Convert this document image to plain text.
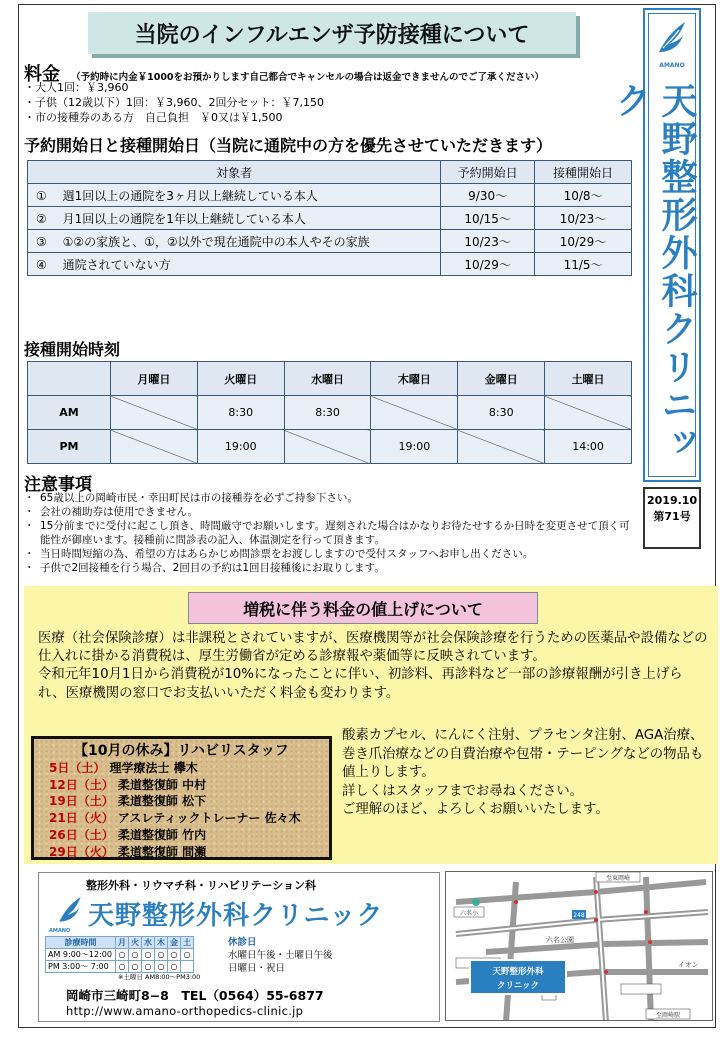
当院のインフルエンザ予防接種について
AMANO
天野整形外科クリニック
2019.10
第71号
料金 （予約時に内金￥1000をお預かりします自己都合でキャンセルの場合は返金できませんのでご了承ください）
・大人1回：￥3,960
・子供（12歳以下）1回：￥3,960、2回分セット：￥7,150
・市の接種券のある方　自己負担　￥0又は￥1,500
予約開始日と接種開始日（当院に通院中の方を優先させていただきます）
対象者	予約開始日	接種開始日
①　 週1回以上の通院を3ヶ月以上継続している本人	9/30〜	10/8〜
②　 月1回以上の通院を1年以上継続している本人	10/15〜	10/23〜
③　 ①②の家族と、①，②以外で現在通院中の本人やその家族	10/23〜	10/29〜
④　 通院されていない方	10/29〜	11/5〜
接種開始時刻
	月曜日	火曜日	水曜日	木曜日	金曜日	土曜日
AM		8:30	8:30		8:30	
PM		19:00		19:00		14:00
注意事項
・ 65歳以上の岡崎市民・幸田町民は市の接種券を必ずご持参下さい。
・ 会社の補助券は使用できません。
・ 15分前までに受付に起こし頂き、時間厳守でお願いします。遅刻された場合はかなりお待たせするか日時を変更させて頂く可能性が御座います。接種前に問診表の記入、体温測定を行って頂きます。
・ 当日時間短縮の為、希望の方はあらかじめ問診票をお渡ししますので受付スタッフへお申し出ください。
・ 子供で2回接種を行う場合、2回目の予約は1回目接種後にお取りします。
増税に伴う料金の値上げについて
医療（社会保険診療）は非課税とされていますが、医療機関等が社会保険診療を行うための医薬品や設備などの仕入れに掛かる消費税は、厚生労働省が定める診療報や薬価等に反映されています。
令和元年10月1日から消費税が10%になったことに伴い、初診料、再診料など一部の診療報酬が引き上げられ、医療機関の窓口でお支払いいただく料金も変わります。
酸素カプセル、にんにく注射、プラセンタ注射、AGA治療、巻き爪治療などの自費治療や包帯・テーピングなどの物品も値上りします。
詳しくはスタッフまでお尋ねください。
ご理解のほど、よろしくお願いいたします。
【10月の休み】リハビリスタッフ
5日（土） 理学療法士 欅木
12日（土） 柔道整復師 中村
19日（土） 柔道整復師 松下
21日（火） アスレティックトレーナー 佐々木
26日（土） 柔道整復師 竹内
29日（火） 柔道整復師 間瀬
整形外科・リウマチ科・リハビリテーション科
AMANO 天野整形外科クリニック
診療時間	月	火	水	木	金	土
AM 9:00〜12:00	○	○	○	○	○	○
PM 3:00〜 7:00	○	○	○	○	○	
※土曜日 AM8:00〜PM3:00
休診日
水曜日午後・土曜日午後
日曜日・祝日
岡崎市三崎町8−8　 TEL（0564）55-6877
http://www.amano-orthopedics-clinic.jp
六名小
至東岡崎
248
六名公園
至岡崎駅
イオン
天野整形外科
クリニック
